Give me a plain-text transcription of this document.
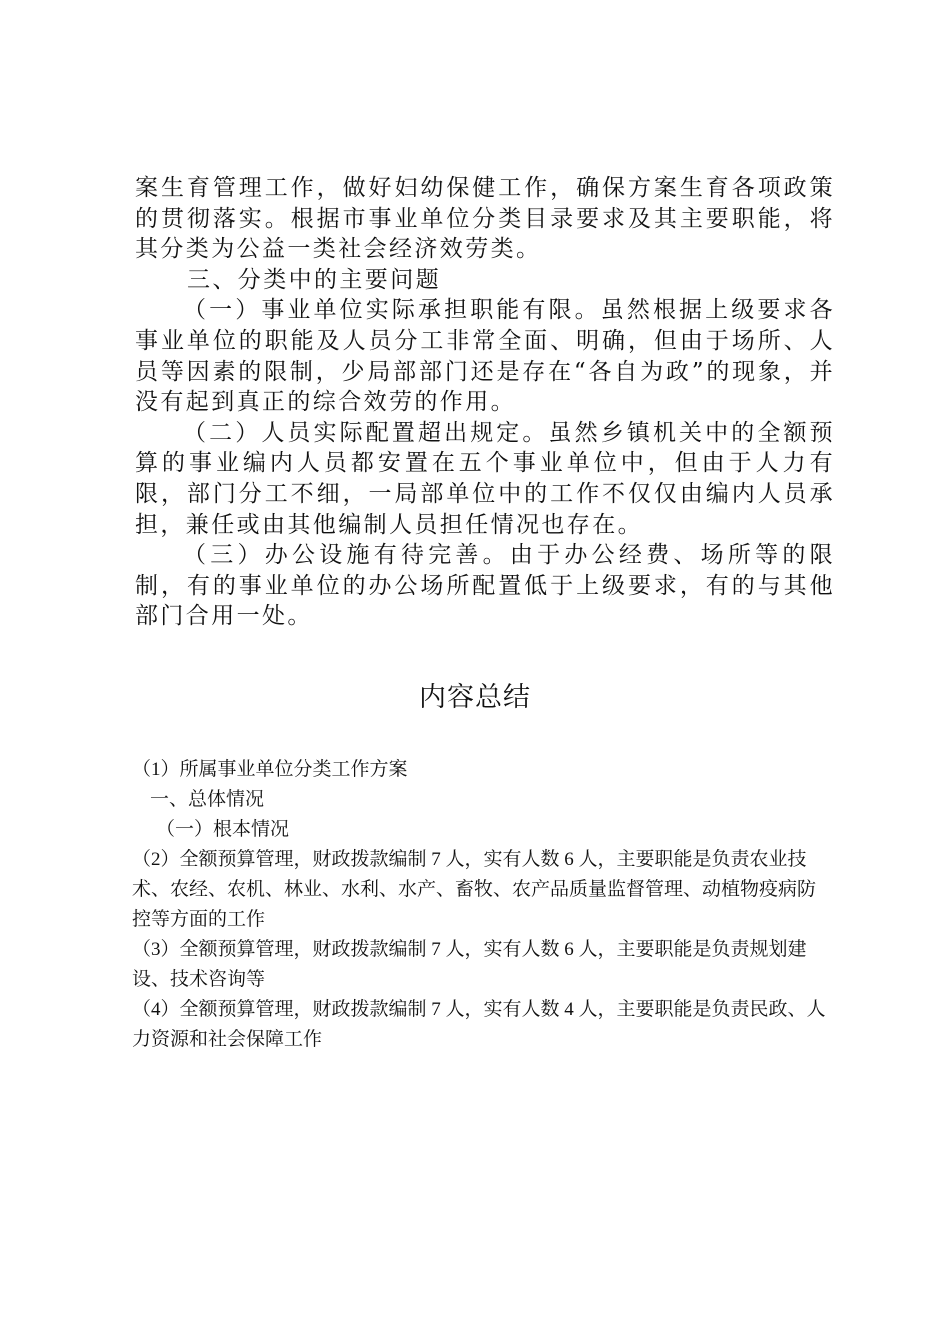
案生育管理工作，做好妇幼保健工作，确保方案生育各项政策的贯彻落实。根据市事业单位分类目录要求及其主要职能，将其分类为公益一类社会经济效劳类。

三、分类中的主要问题

（一）事业单位实际承担职能有限。虽然根据上级要求各事业单位的职能及人员分工非常全面、明确，但由于场所、人员等因素的限制，少局部部门还是存在“各自为政”的现象，并没有起到真正的综合效劳的作用。

（二）人员实际配置超出规定。虽然乡镇机关中的全额预算的事业编内人员都安置在五个事业单位中，但由于人力有限，部门分工不细，一局部单位中的工作不仅仅由编内人员承担，兼任或由其他编制人员担任情况也存在。

（三）办公设施有待完善。由于办公经费、场所等的限制，有的事业单位的办公场所配置低于上级要求，有的与其他部门合用一处。

内容总结

（1）所属事业单位分类工作方案

一、总体情况

（一）根本情况

（2）全额预算管理，财政拨款编制 7 人，实有人数 6 人，主要职能是负责农业技术、农经、农机、林业、水利、水产、畜牧、农产品质量监督管理、动植物疫病防控等方面的工作

（3）全额预算管理，财政拨款编制 7 人，实有人数 6 人，主要职能是负责规划建设、技术咨询等

（4）全额预算管理，财政拨款编制 7 人，实有人数 4 人，主要职能是负责民政、人力资源和社会保障工作
